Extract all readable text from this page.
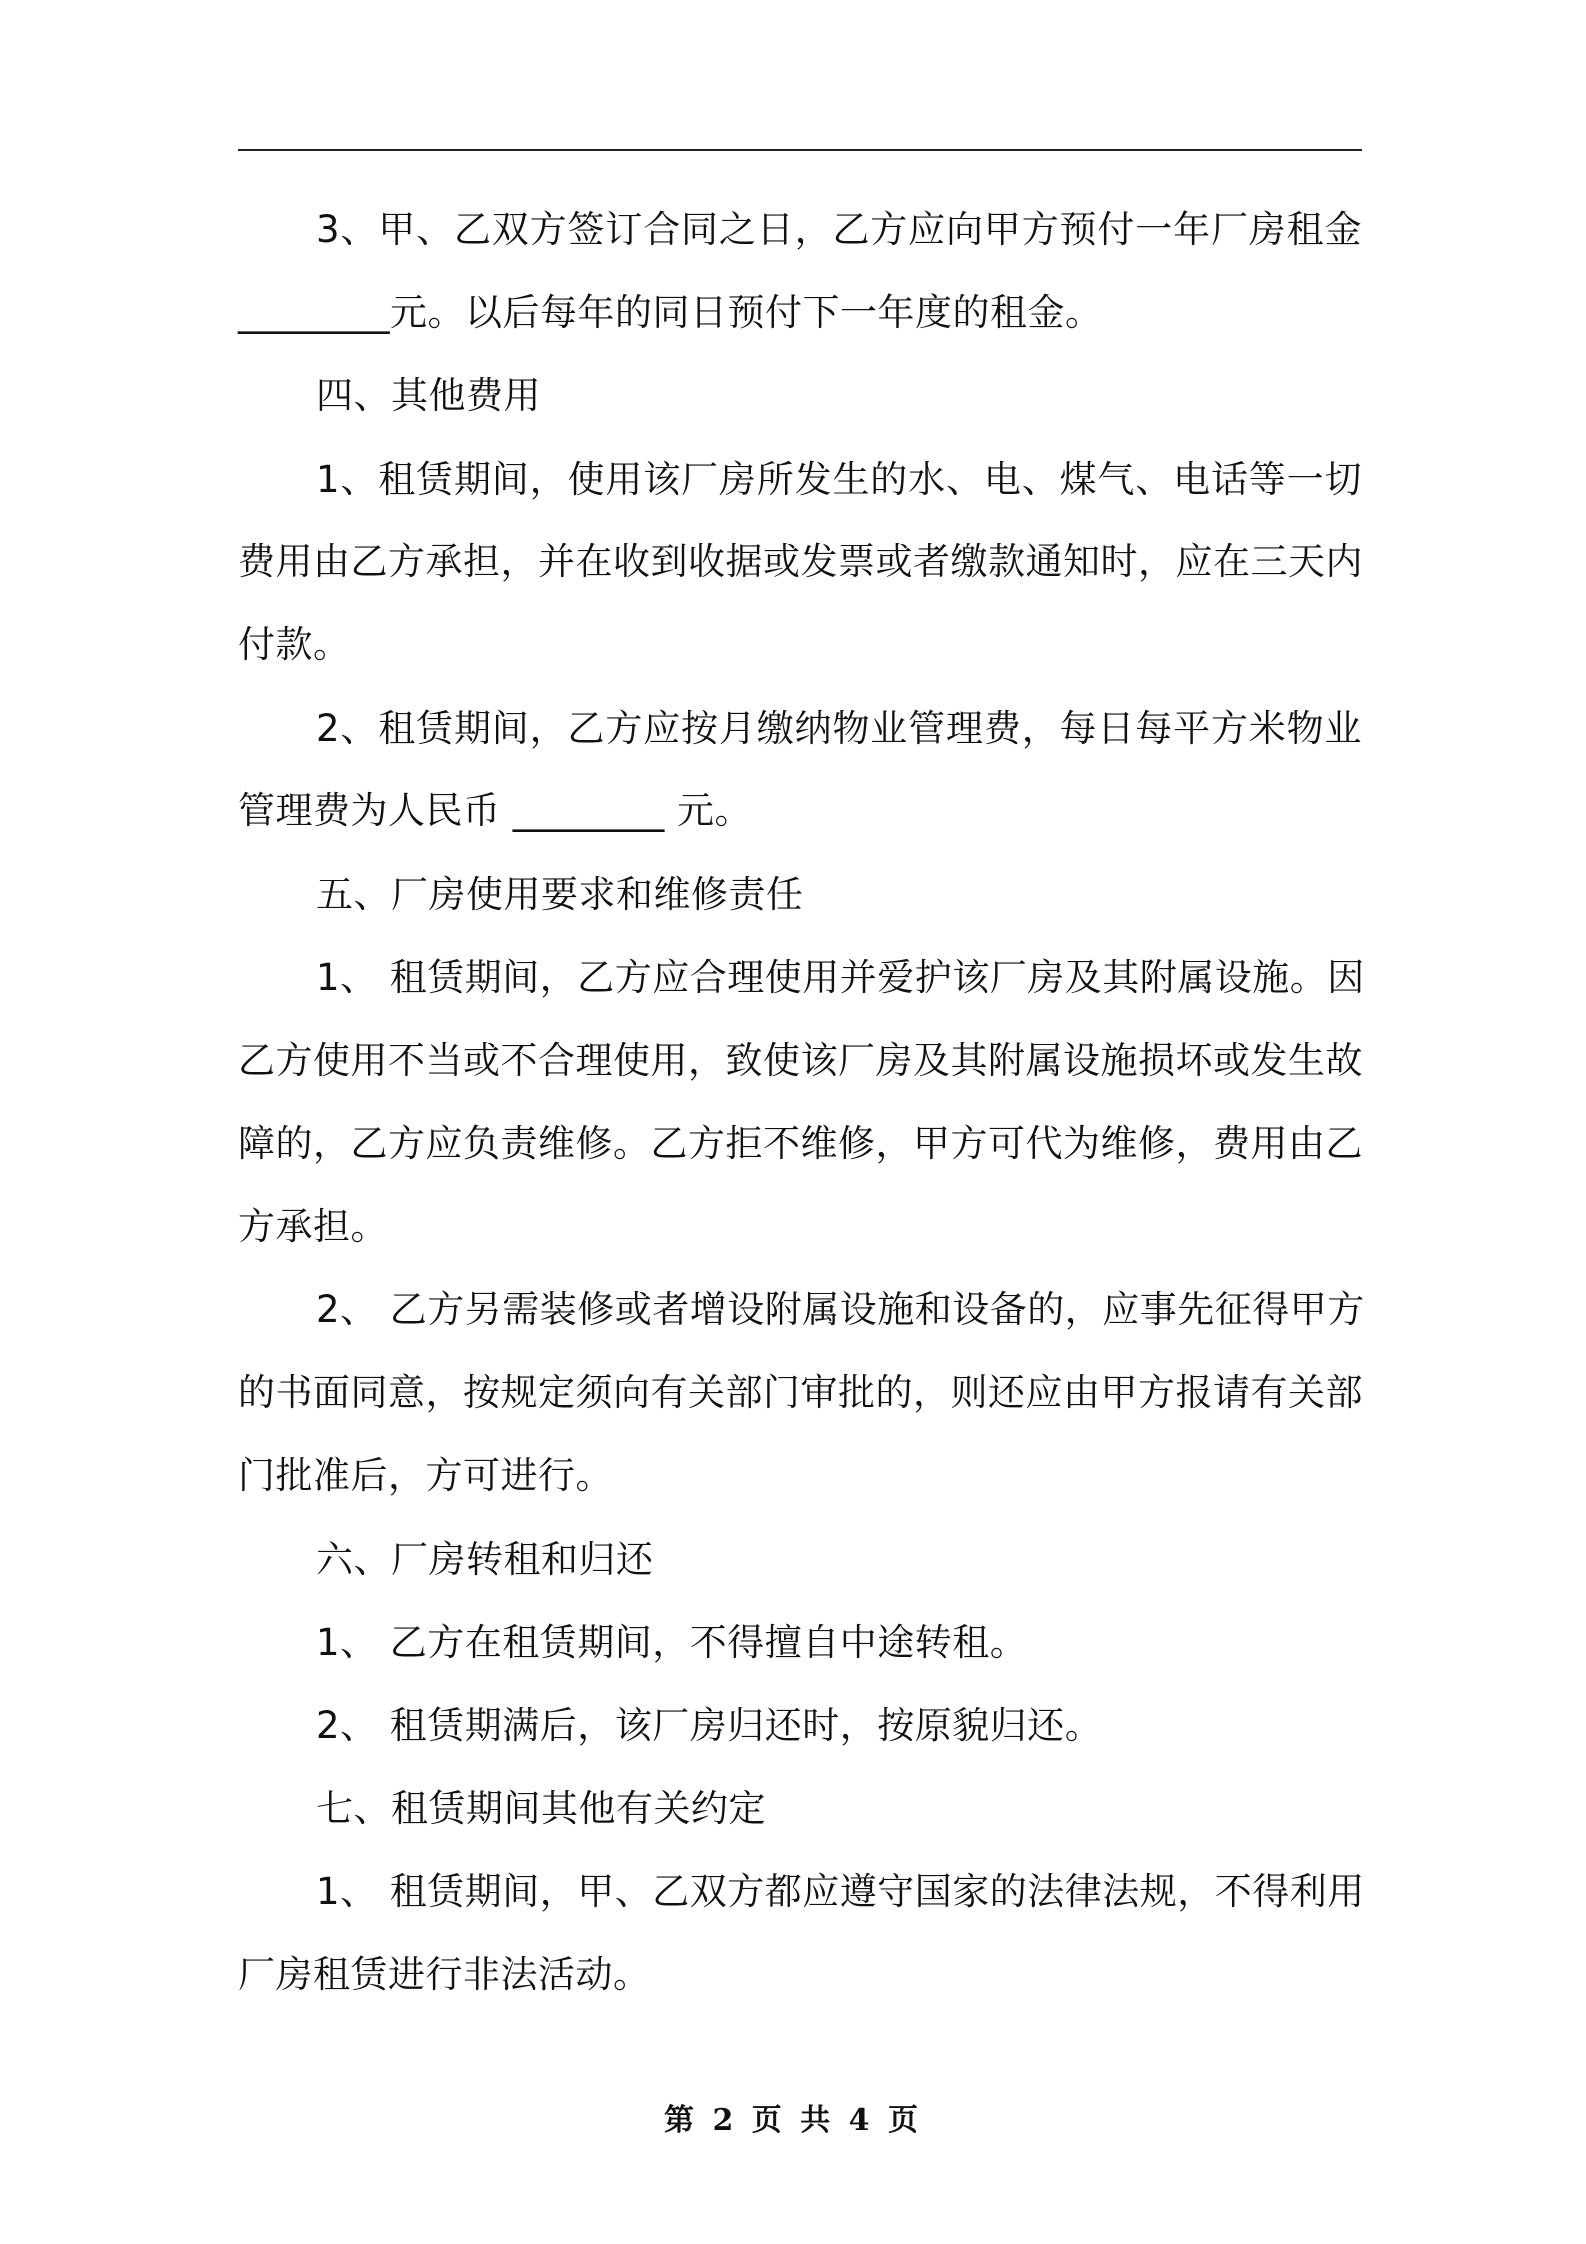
3、甲、乙双方签订合同之日，乙方应向甲方预付一年厂房租金
________元。以后每年的同日预付下一年度的租金。
四、其他费用
1、租赁期间，使用该厂房所发生的水、电、煤气、电话等一切
费用由乙方承担，并在收到收据或发票或者缴款通知时，应在三天内
付款。
2、租赁期间，乙方应按月缴纳物业管理费，每日每平方米物业
管理费为人民币 ________ 元。
五、厂房使用要求和维修责任
1、 租赁期间，乙方应合理使用并爱护该厂房及其附属设施。因
乙方使用不当或不合理使用，致使该厂房及其附属设施损坏或发生故
障的，乙方应负责维修。乙方拒不维修，甲方可代为维修，费用由乙
方承担。
2、 乙方另需装修或者增设附属设施和设备的，应事先征得甲方
的书面同意，按规定须向有关部门审批的，则还应由甲方报请有关部
门批准后，方可进行。
六、厂房转租和归还
1、 乙方在租赁期间，不得擅自中途转租。
2、 租赁期满后，该厂房归还时，按原貌归还。
七、租赁期间其他有关约定
1、 租赁期间，甲、乙双方都应遵守国家的法律法规，不得利用
厂房租赁进行非法活动。
第 2 页 共 4 页
